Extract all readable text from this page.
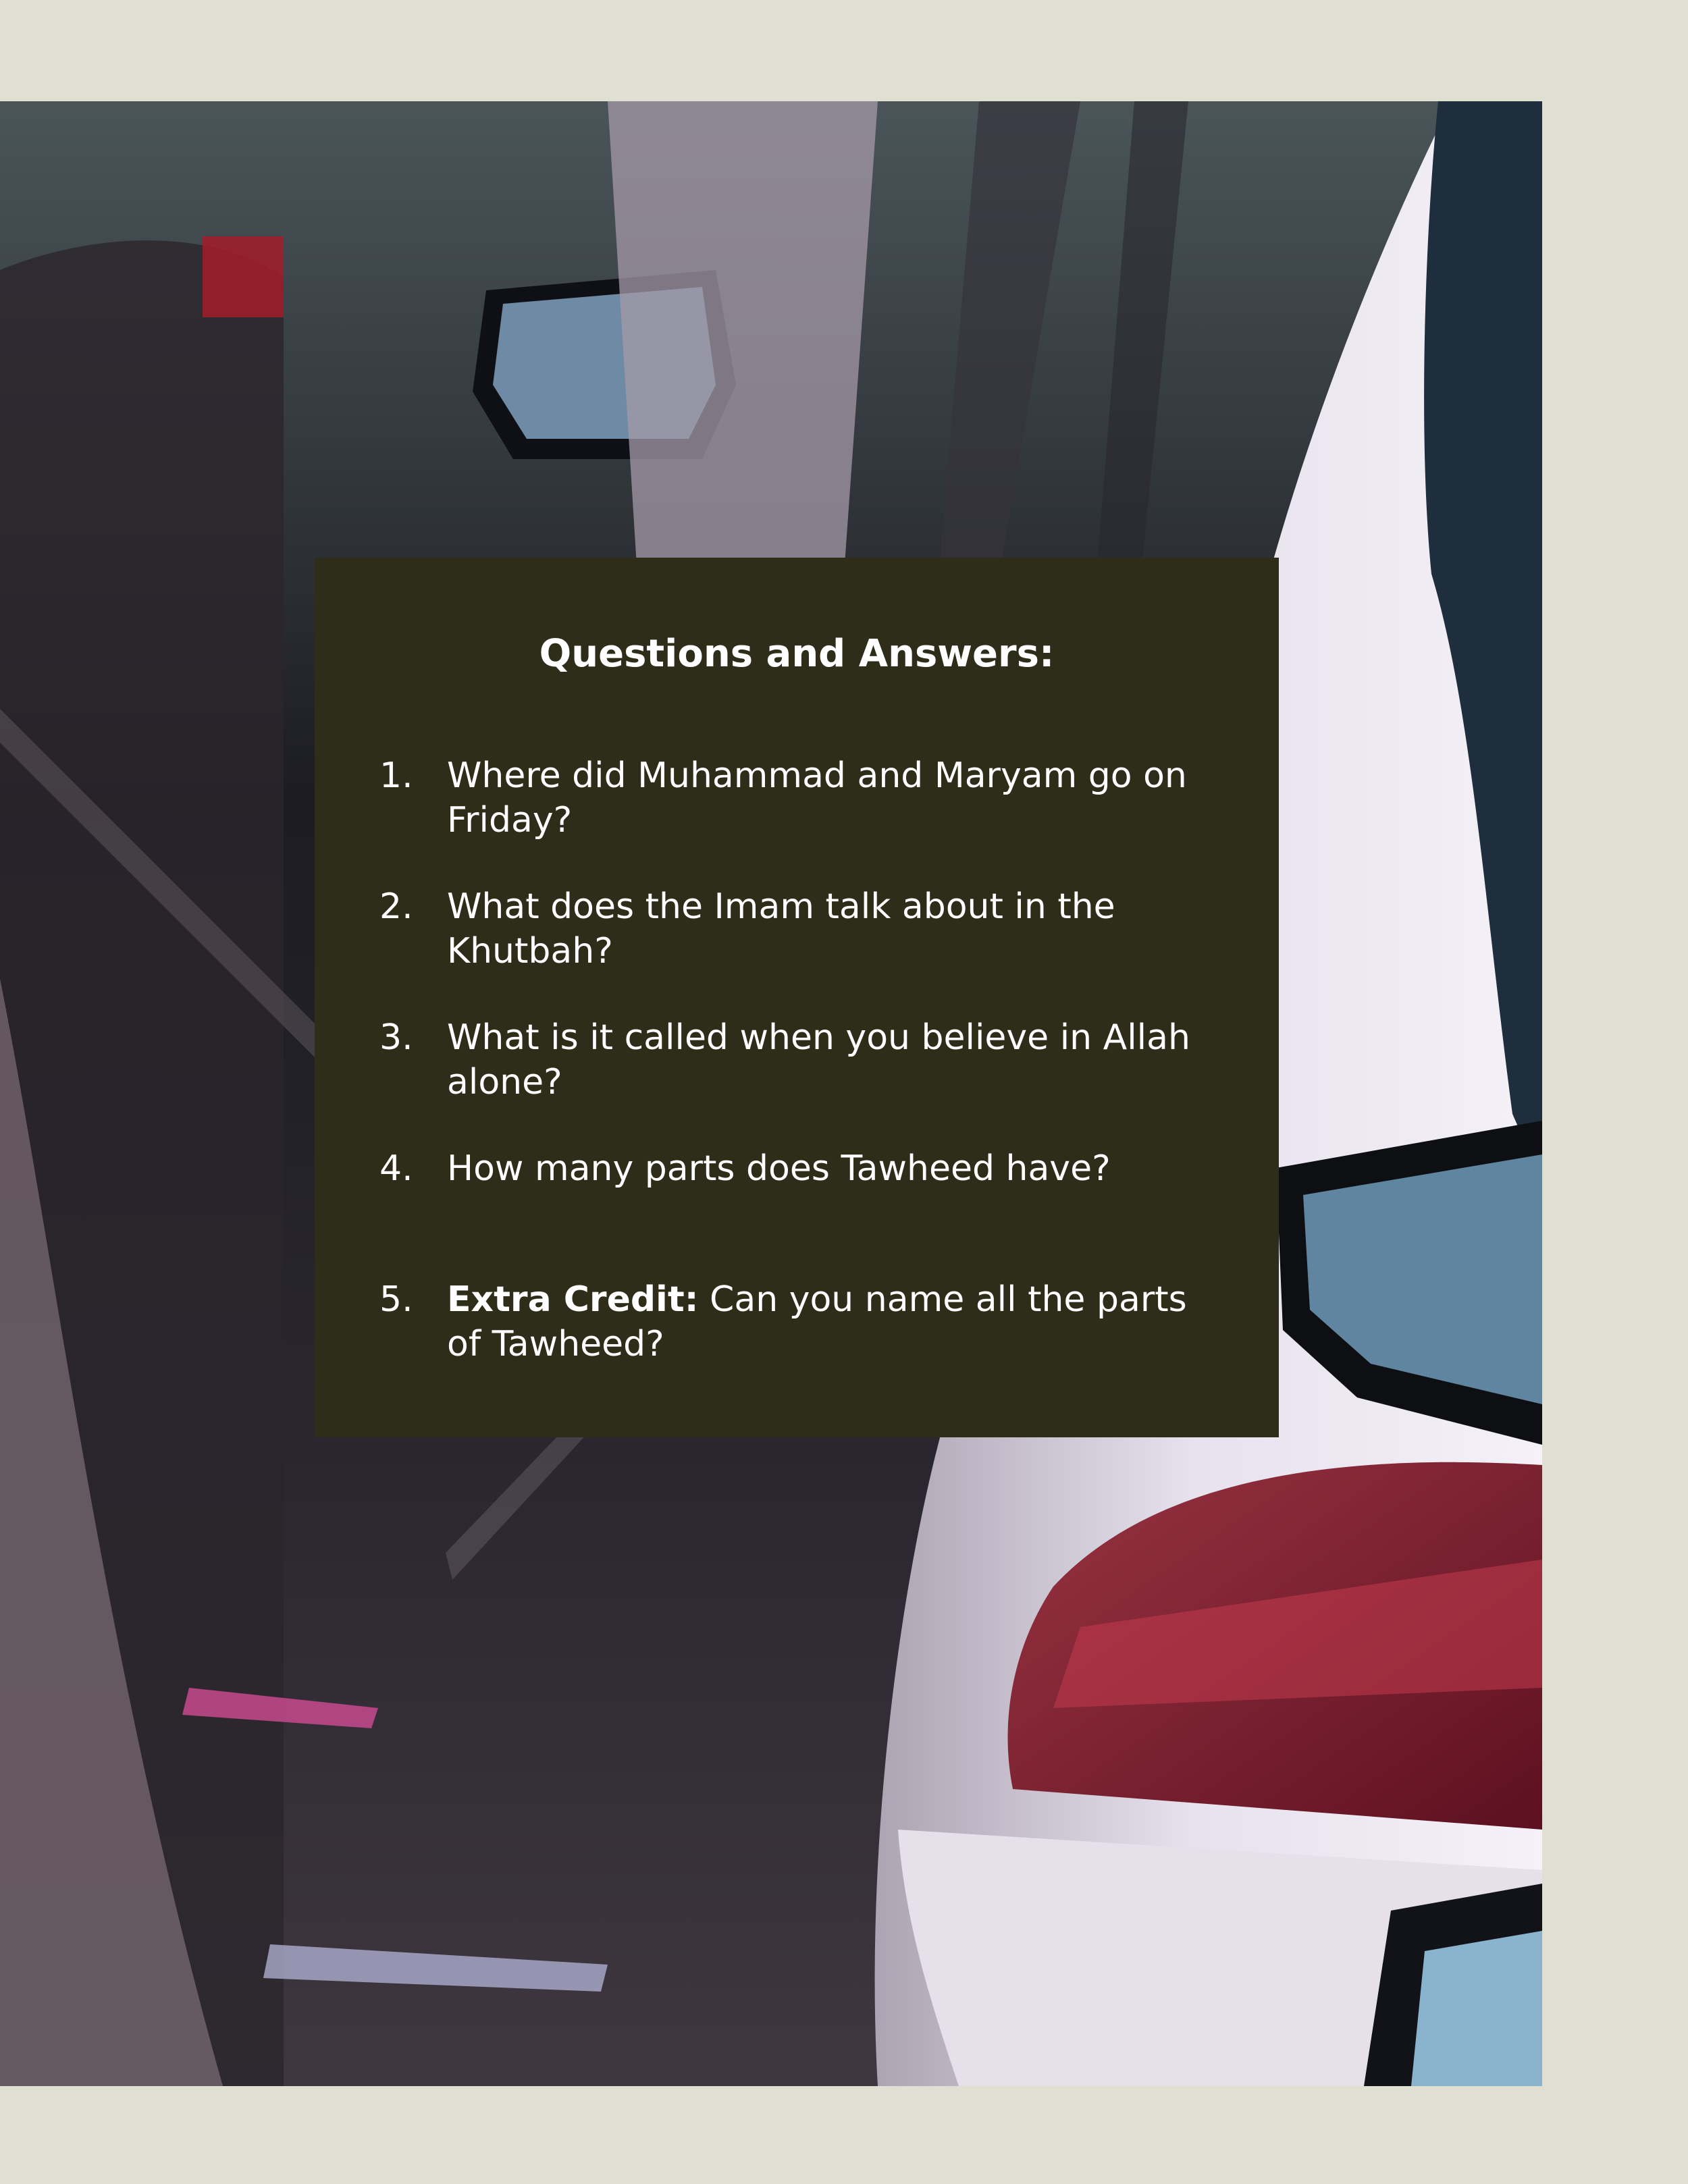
Questions and Answers:
1. Where did Muhammad and Maryam go on Friday?
2. What does the Imam talk about in the Khutbah?
3. What is it called when you believe in Allah alone?
4. How many parts does Tawheed have?
5. Extra Credit: Can you name all the parts of Tawheed?
